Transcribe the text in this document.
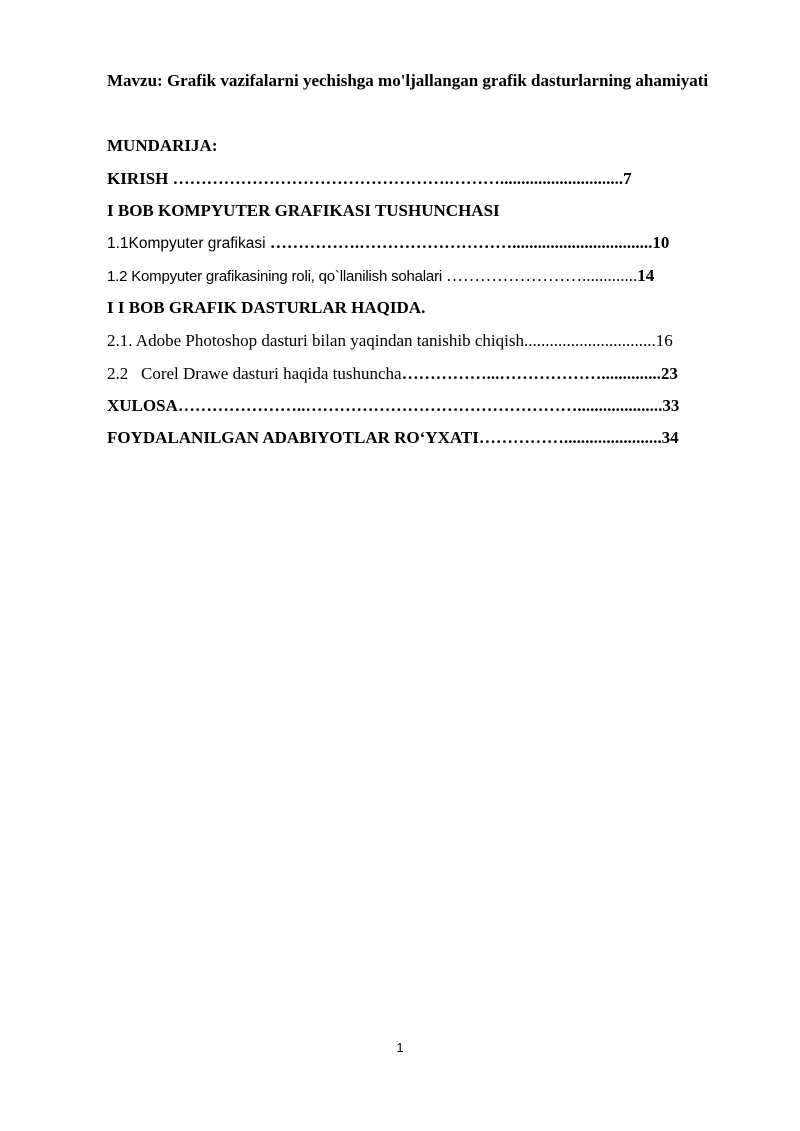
Mavzu: Grafik vazifalarni yechishga mo'ljallangan grafik dasturlarning ahamiyati
MUNDARIJA:
KIRISH ………………………………………….……….............................7
I BOB KOMPYUTER GRAFIKASI TUSHUNCHASI
1.1Kompyuter grafikasi …………….……………………….................................10
1.2 Kompyuter grafikasining roli, qo`llanilish sohalari …………………….............14
I I BOB GRAFIK DASTURLAR HAQIDA.
2.1. Adobe Photoshop dasturi bilan yaqindan tanishib chiqish...............................16
2.2   Corel Drawe dasturi haqida tushuncha……………...………………..............23
XULOSA…………………..…………………………………………....................33
FOYDALANILGAN ADABIYOTLAR RO‘YXATI…………….......................34
1
